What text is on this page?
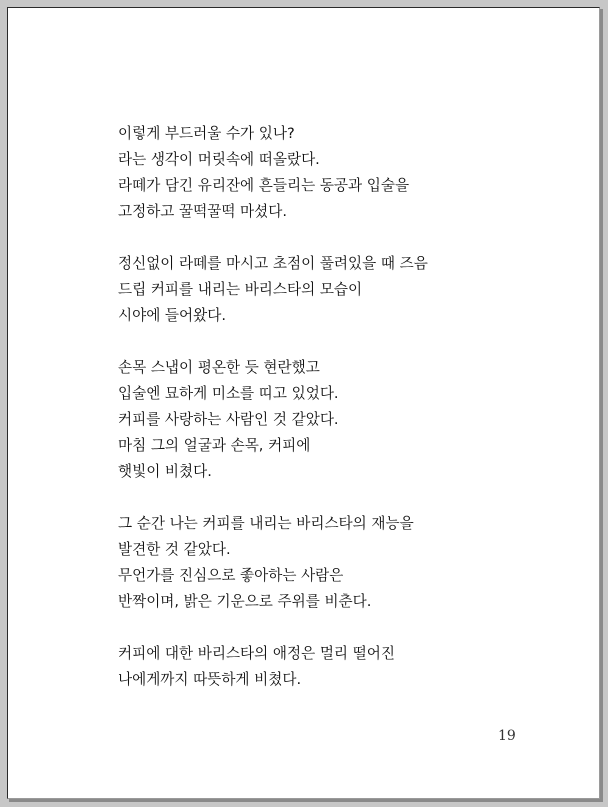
이렇게 부드러울 수가 있나?
라는 생각이 머릿속에 떠올랐다.
라떼가 담긴 유리잔에 흔들리는 동공과 입술을
고정하고 꿀떡꿀떡 마셨다.
정신없이 라떼를 마시고 초점이 풀려있을 때 즈음
드립 커피를 내리는 바리스타의 모습이
시야에 들어왔다.
손목 스냅이 평온한 듯 현란했고
입술엔 묘하게 미소를 띠고 있었다.
커피를 사랑하는 사람인 것 같았다.
마침 그의 얼굴과 손목, 커피에
햇빛이 비쳤다.
그 순간 나는 커피를 내리는 바리스타의 재능을
발견한 것 같았다.
무언가를 진심으로 좋아하는 사람은
반짝이며, 밝은 기운으로 주위를 비춘다.
커피에 대한 바리스타의 애정은 멀리 떨어진
나에게까지 따뜻하게 비쳤다.
19
